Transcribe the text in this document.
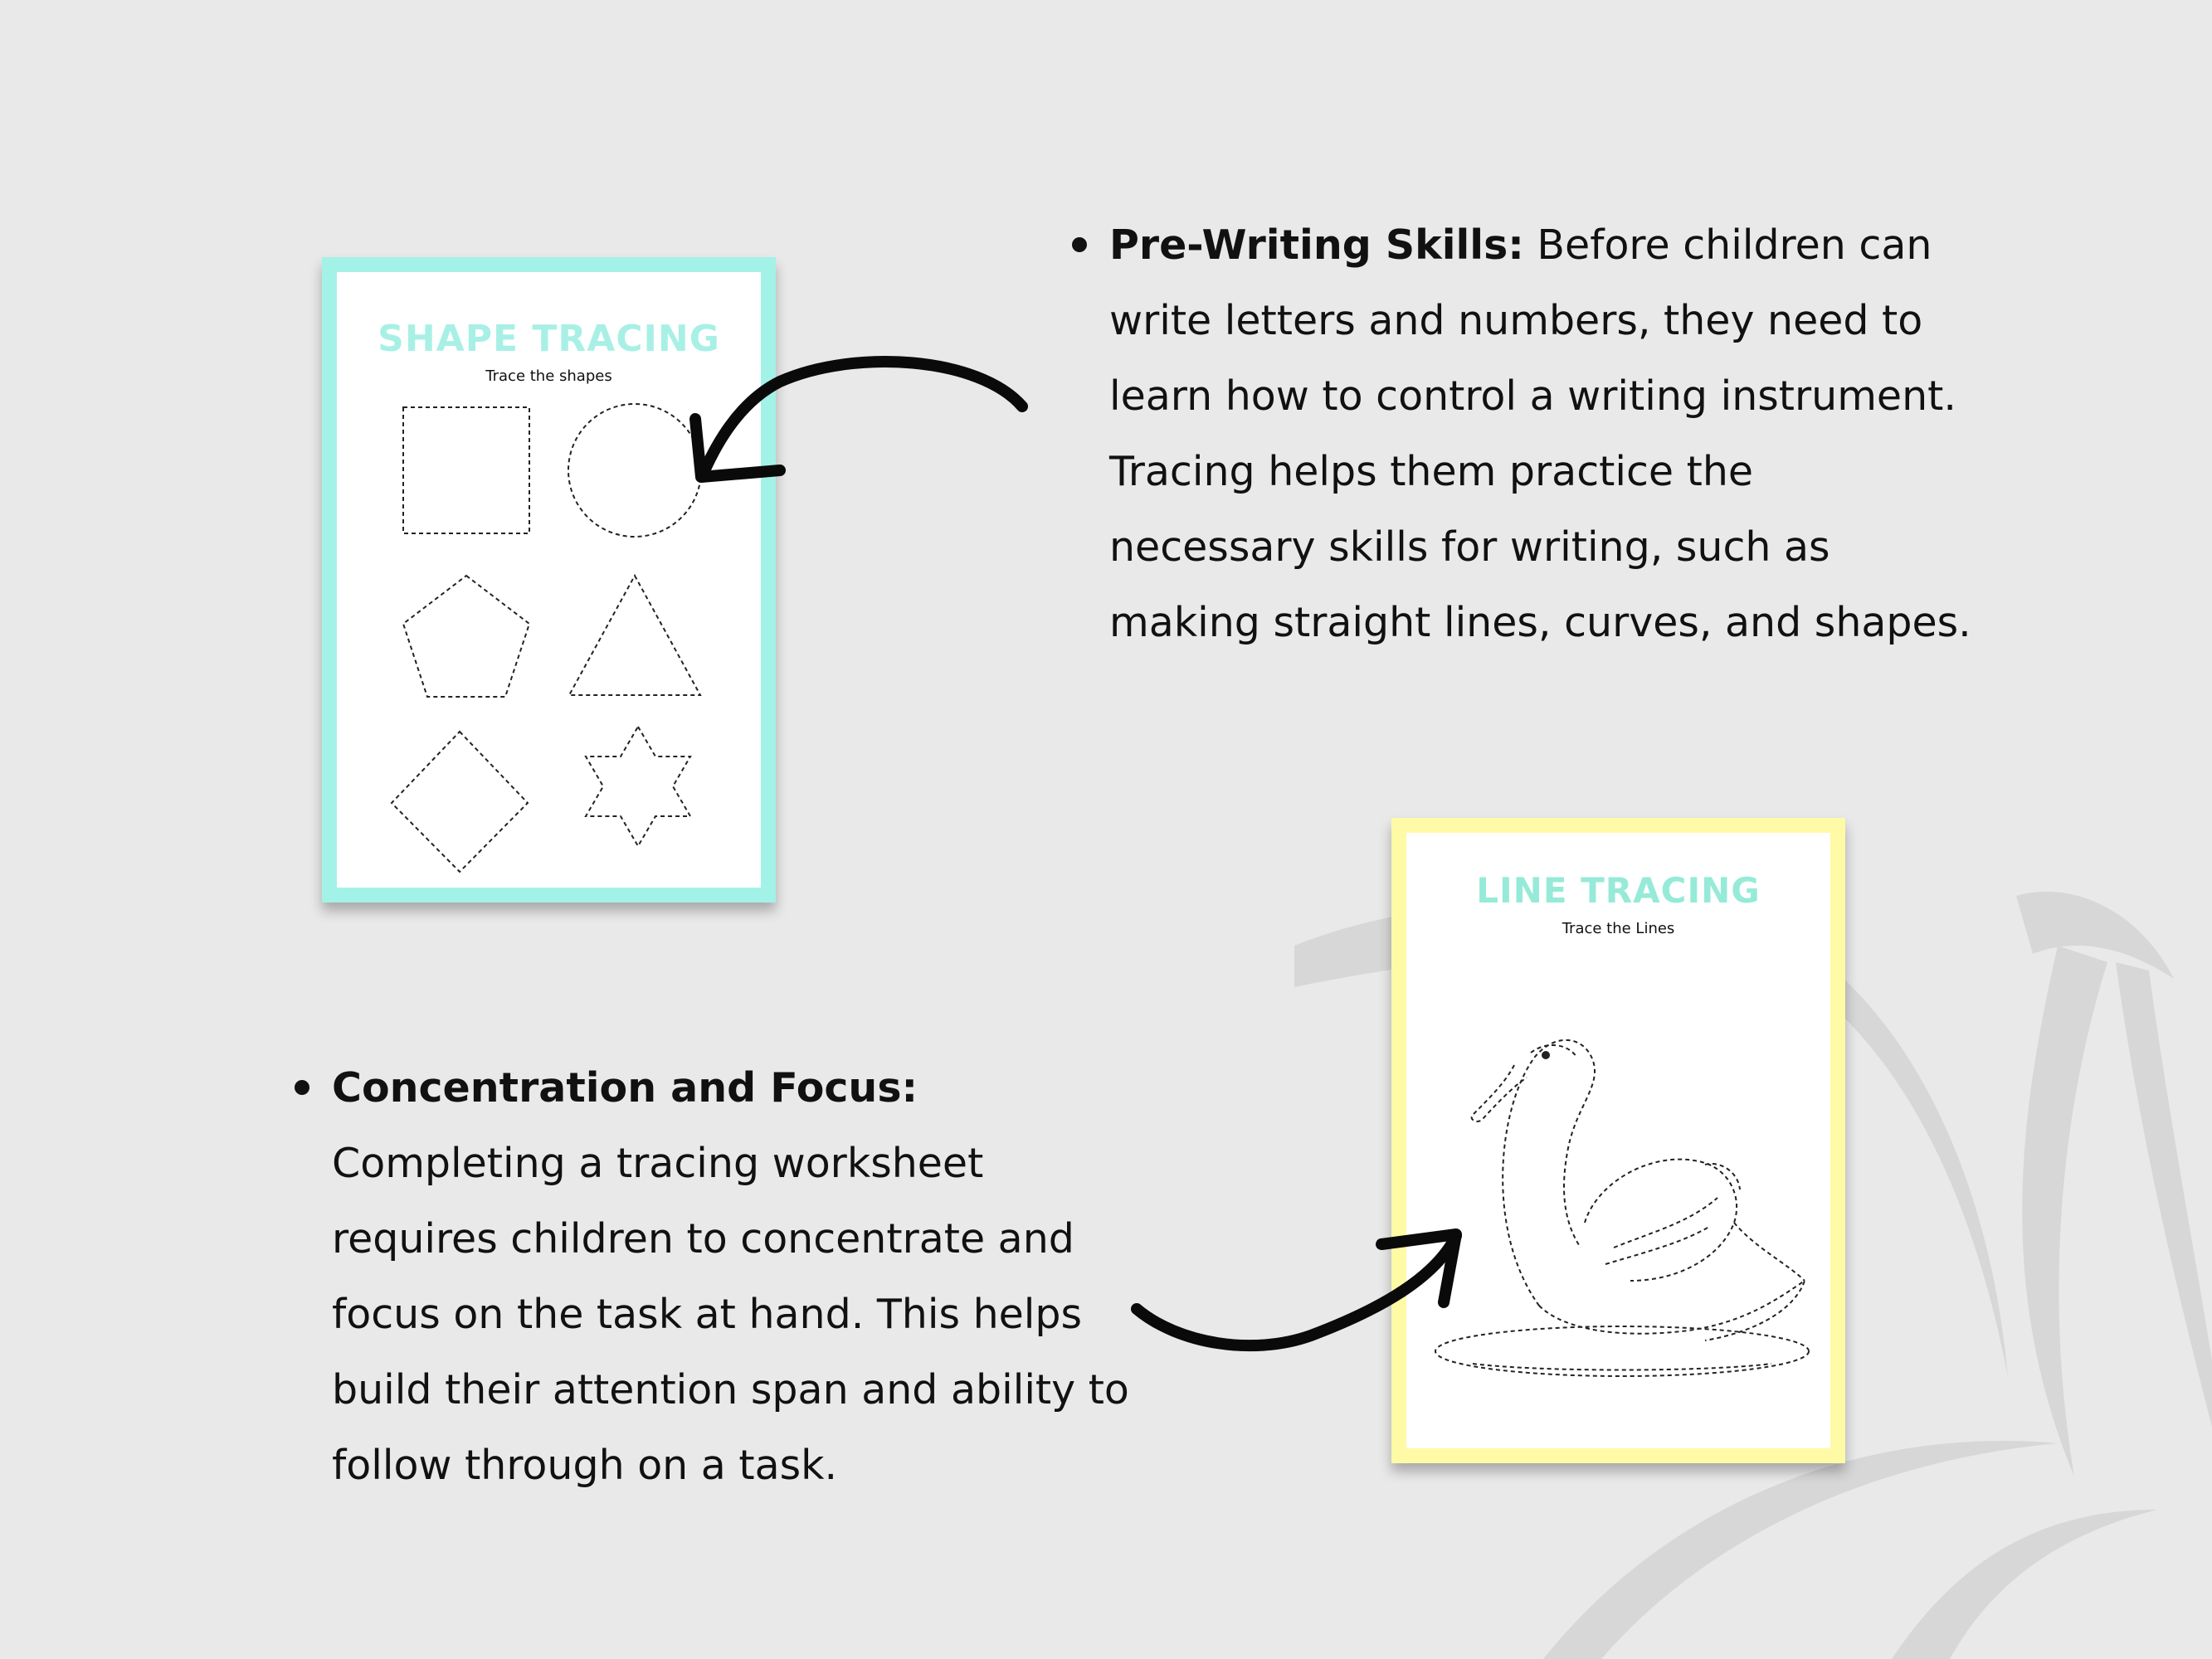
SHAPE TRACING
Trace the shapes
LINE TRACING
Trace the Lines
Pre-Writing Skills: Before children can write letters and numbers, they need to learn how to control a writing instrument. Tracing helps them practice the necessary skills for writing, such as making straight lines, curves, and shapes.
Concentration and Focus: Completing a tracing worksheet requires children to concentrate and focus on the task at hand. This helps build their attention span and ability to follow through on a task.
